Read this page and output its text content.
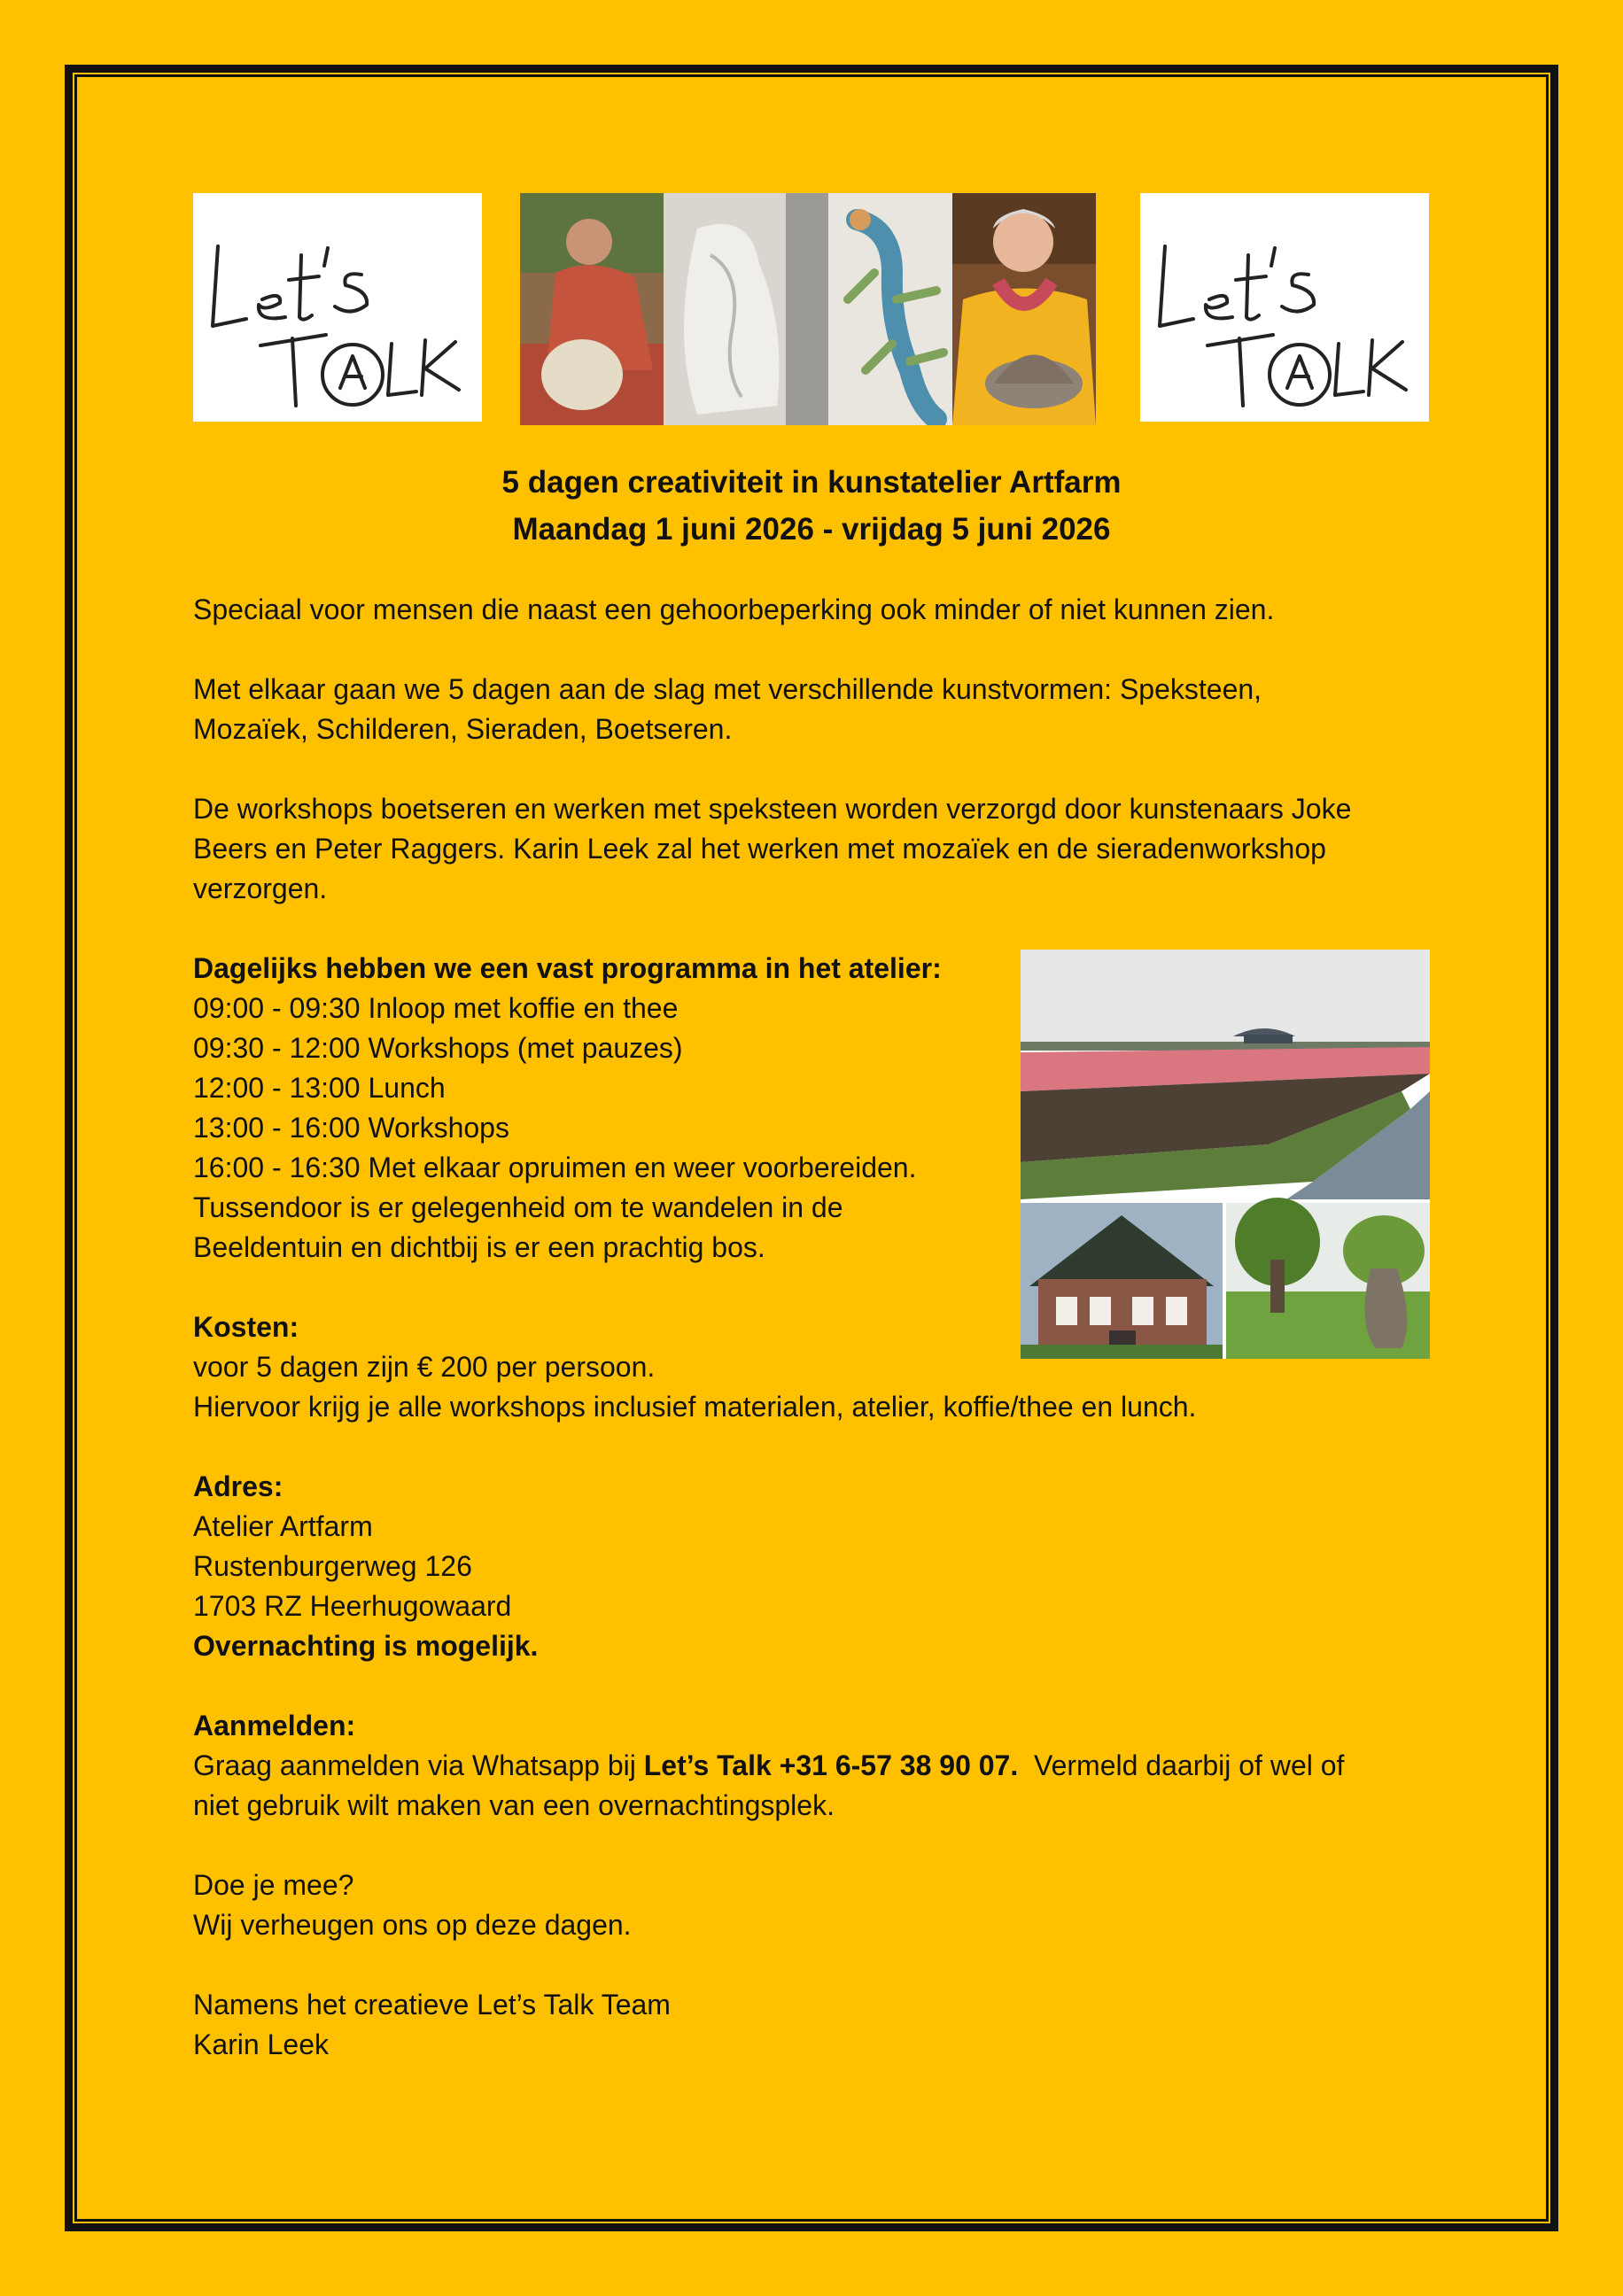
5 dagen creativiteit in kunstatelier Artfarm
Maandag 1 juni 2026 - vrijdag 5 juni 2026
Speciaal voor mensen die naast een gehoorbeperking ook minder of niet kunnen zien.
Met elkaar gaan we 5 dagen aan de slag met verschillende kunstvormen: Speksteen,
Mozaïek, Schilderen, Sieraden, Boetseren.
De workshops boetseren en werken met speksteen worden verzorgd door kunstenaars Joke
Beers en Peter Raggers. Karin Leek zal het werken met mozaïek en de sieradenworkshop
verzorgen.
Dagelijks hebben we een vast programma in het atelier:
09:00 - 09:30 Inloop met koffie en thee
09:30 - 12:00 Workshops (met pauzes)
12:00 - 13:00 Lunch
13:00 - 16:00 Workshops
16:00 - 16:30 Met elkaar opruimen en weer voorbereiden.
Tussendoor is er gelegenheid om te wandelen in de
Beeldentuin en dichtbij is er een prachtig bos.
Kosten:
voor 5 dagen zijn € 200 per persoon.
Hiervoor krijg je alle workshops inclusief materialen, atelier, koffie/thee en lunch.
Adres:
Atelier Artfarm
Rustenburgerweg 126
1703 RZ Heerhugowaard
Overnachting is mogelijk.
Aanmelden:
Graag aanmelden via Whatsapp bij Let’s Talk +31 6-57 38 90 07.  Vermeld daarbij of wel of
niet gebruik wilt maken van een overnachtingsplek.
Doe je mee?
Wij verheugen ons op deze dagen.
Namens het creatieve Let’s Talk Team
Karin Leek
